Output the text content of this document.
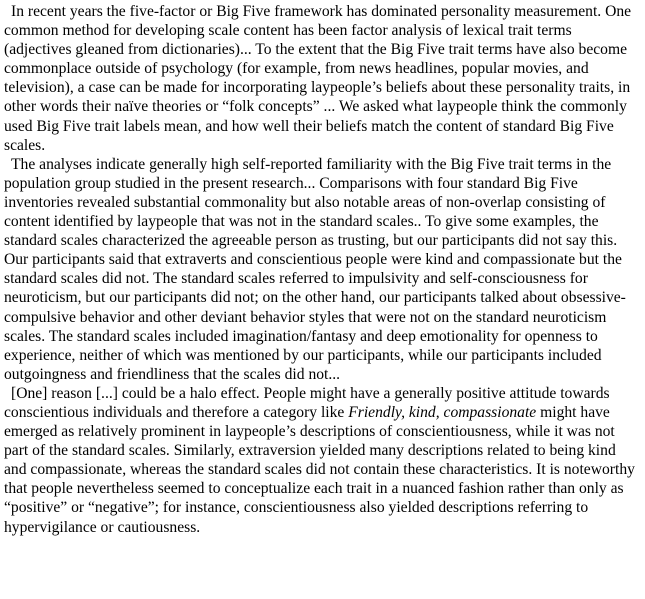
In recent years the five-factor or Big Five framework has dominated personality measurement. One common method for developing scale content has been factor analysis of lexical trait terms (adjectives gleaned from dictionaries)... To the extent that the Big Five trait terms have also become commonplace outside of psychology (for example, from news headlines, popular movies, and television), a case can be made for incorporating laypeople’s beliefs about these personality traits, in other words their naïve theories or “folk concepts” ... We asked what laypeople think the commonly used Big Five trait labels mean, and how well their beliefs match the content of standard Big Five scales.

The analyses indicate generally high self-reported familiarity with the Big Five trait terms in the population group studied in the present research... Comparisons with four standard Big Five inventories revealed substantial commonality but also notable areas of non-overlap consisting of content identified by laypeople that was not in the standard scales.. To give some examples, the standard scales characterized the agreeable person as trusting, but our participants did not say this. Our participants said that extraverts and conscientious people were kind and compassionate but the standard scales did not. The standard scales referred to impulsivity and self-consciousness for neuroticism, but our participants did not; on the other hand, our participants talked about obsessive-compulsive behavior and other deviant behavior styles that were not on the standard neuroticism scales. The standard scales included imagination/fantasy and deep emotionality for openness to experience, neither of which was mentioned by our participants, while our participants included outgoingness and friendliness that the scales did not...

[One] reason [...] could be a halo effect. People might have a generally positive attitude towards conscientious individuals and therefore a category like Friendly, kind, compassionate might have emerged as relatively prominent in laypeople’s descriptions of conscientiousness, while it was not part of the standard scales. Similarly, extraversion yielded many descriptions related to being kind and compassionate, whereas the standard scales did not contain these characteristics. It is noteworthy that people nevertheless seemed to conceptualize each trait in a nuanced fashion rather than only as “positive” or “negative”; for instance, conscientiousness also yielded descriptions referring to hypervigilance or cautiousness.
